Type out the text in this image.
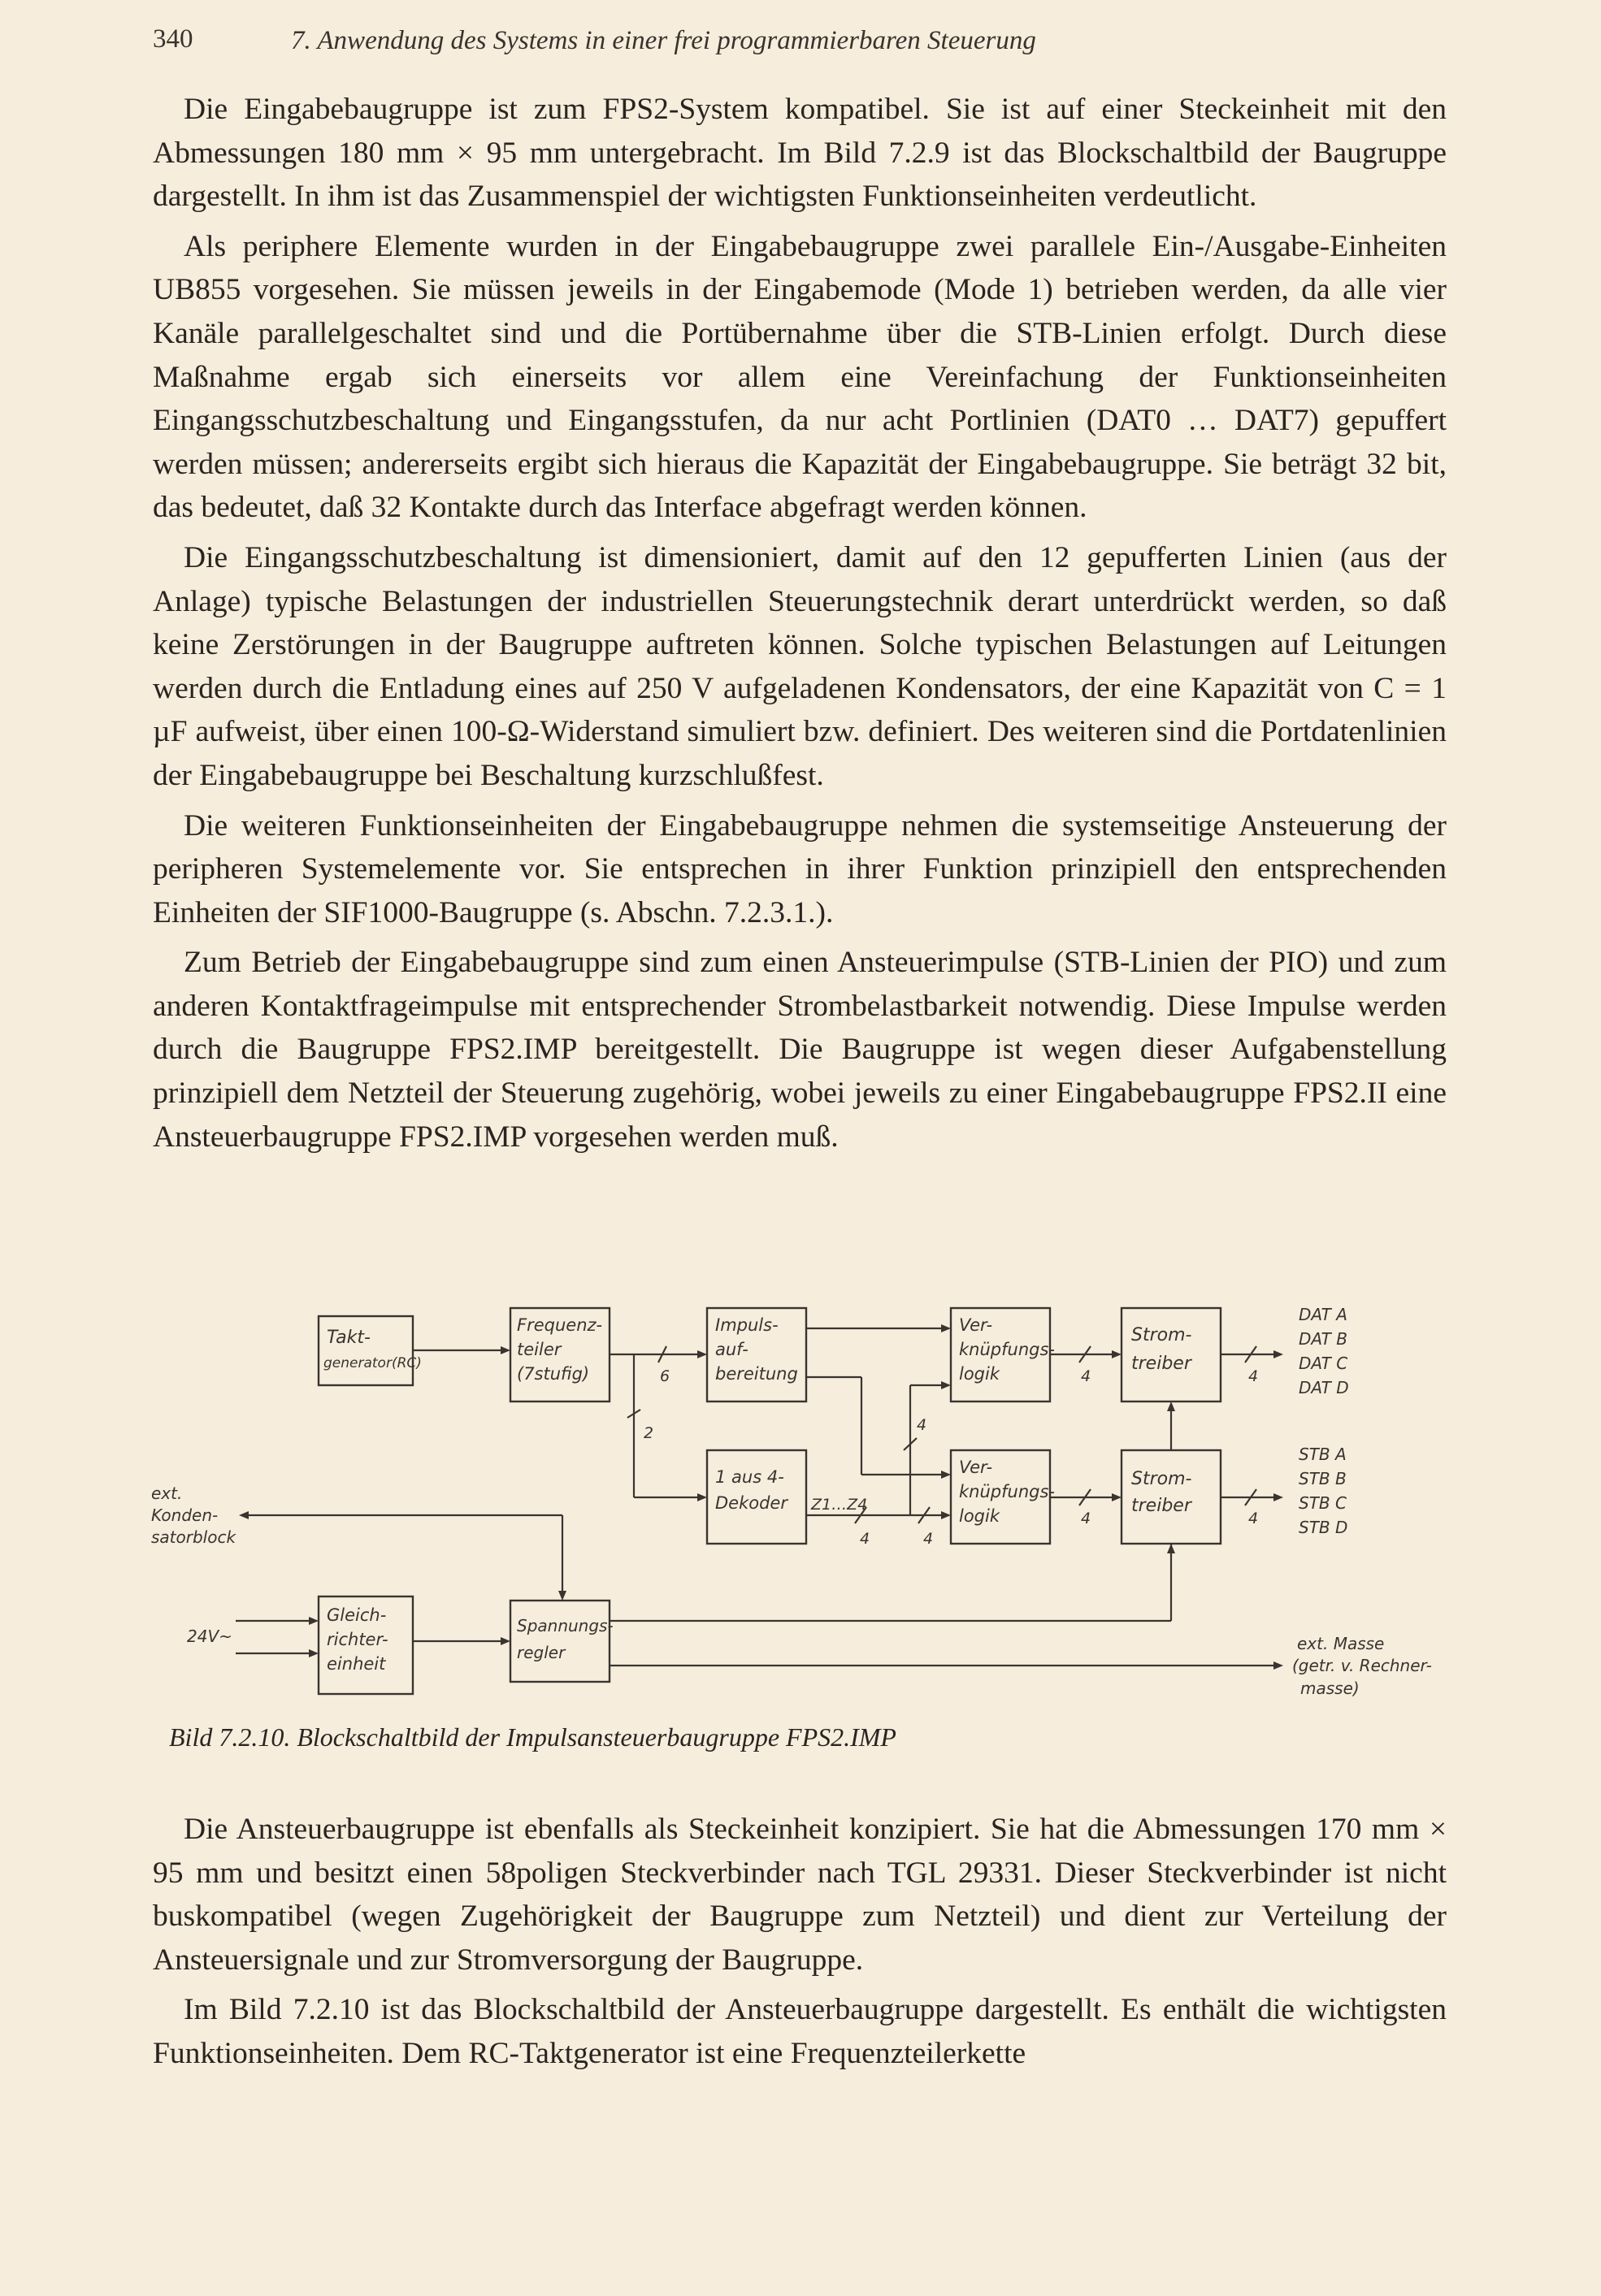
340	7. Anwendung des Systems in einer frei programmierbaren Steuerung

Die Eingabebaugruppe ist zum FPS2-System kompatibel. Sie ist auf einer Steckeinheit mit den Abmessungen 180 mm × 95 mm untergebracht. Im Bild 7.2.9 ist das Blockschaltbild der Baugruppe dargestellt. In ihm ist das Zusammenspiel der wichtigsten Funktionseinheiten verdeutlicht.

Als periphere Elemente wurden in der Eingabebaugruppe zwei parallele Ein-/Ausgabe-Einheiten UB855 vorgesehen. Sie müssen jeweils in der Eingabemode (Mode 1) betrieben werden, da alle vier Kanäle parallelgeschaltet sind und die Portübernahme über die STB-Linien erfolgt. Durch diese Maßnahme ergab sich einerseits vor allem eine Vereinfachung der Funktionseinheiten Eingangsschutzbeschaltung und Eingangsstufen, da nur acht Portlinien (DAT0 … DAT7) gepuffert werden müssen; andererseits ergibt sich hieraus die Kapazität der Eingabebaugruppe. Sie beträgt 32 bit, das bedeutet, daß 32 Kontakte durch das Interface abgefragt werden können.

Die Eingangsschutzbeschaltung ist dimensioniert, damit auf den 12 gepufferten Linien (aus der Anlage) typische Belastungen der industriellen Steuerungstechnik derart unterdrückt werden, so daß keine Zerstörungen in der Baugruppe auftreten können. Solche typischen Belastungen auf Leitungen werden durch die Entladung eines auf 250 V aufgeladenen Kondensators, der eine Kapazität von C = 1 µF aufweist, über einen 100-Ω-Widerstand simuliert bzw. definiert. Des weiteren sind die Portdatenlinien der Eingabebaugruppe bei Beschaltung kurzschlußfest.

Die weiteren Funktionseinheiten der Eingabebaugruppe nehmen die systemseitige Ansteuerung der peripheren Systemelemente vor. Sie entsprechen in ihrer Funktion prinzipiell den entsprechenden Einheiten der SIF1000-Baugruppe (s. Abschn. 7.2.3.1.).

Zum Betrieb der Eingabebaugruppe sind zum einen Ansteuerimpulse (STB-Linien der PIO) und zum anderen Kontaktfrageimpulse mit entsprechender Strombelastbarkeit notwendig. Diese Impulse werden durch die Baugruppe FPS2.IMP bereitgestellt. Die Baugruppe ist wegen dieser Aufgabenstellung prinzipiell dem Netzteil der Steuerung zugehörig, wobei jeweils zu einer Eingabebaugruppe FPS2.II eine Ansteuerbaugruppe FPS2.IMP vorgesehen werden muß.

Takt-
generator(RC)
Frequenz-
teiler
(7stufig)
Impuls-
auf-
bereitung
Ver-
knüpfungs-
logik
Strom-
treiber
1 aus 4-
Dekoder
Ver-
knüpfungs-
logik
Strom-
treiber
Gleich-
richter-
einheit
Spannungs-
regler
6
2	4
4	4
4	4
4	4
Z1…Z4
DAT A
DAT B
DAT C
DAT D
STB A
STB B
STB C
STB D
ext.
Konden-
satorblock
24V~	ext. Masse
(getr. v. Rechner-
masse)
Bild 7.2.10. Blockschaltbild der Impulsansteuerbaugruppe FPS2.IMP

Die Ansteuerbaugruppe ist ebenfalls als Steckeinheit konzipiert. Sie hat die Abmessungen 170 mm × 95 mm und besitzt einen 58poligen Steckverbinder nach TGL 29331. Dieser Steckverbinder ist nicht buskompatibel (wegen Zugehörigkeit der Baugruppe zum Netzteil) und dient zur Verteilung der Ansteuersignale und zur Stromversorgung der Baugruppe.

Im Bild 7.2.10 ist das Blockschaltbild der Ansteuerbaugruppe dargestellt. Es enthält die wichtigsten Funktionseinheiten. Dem RC-Taktgenerator ist eine Frequenzteilerkette
